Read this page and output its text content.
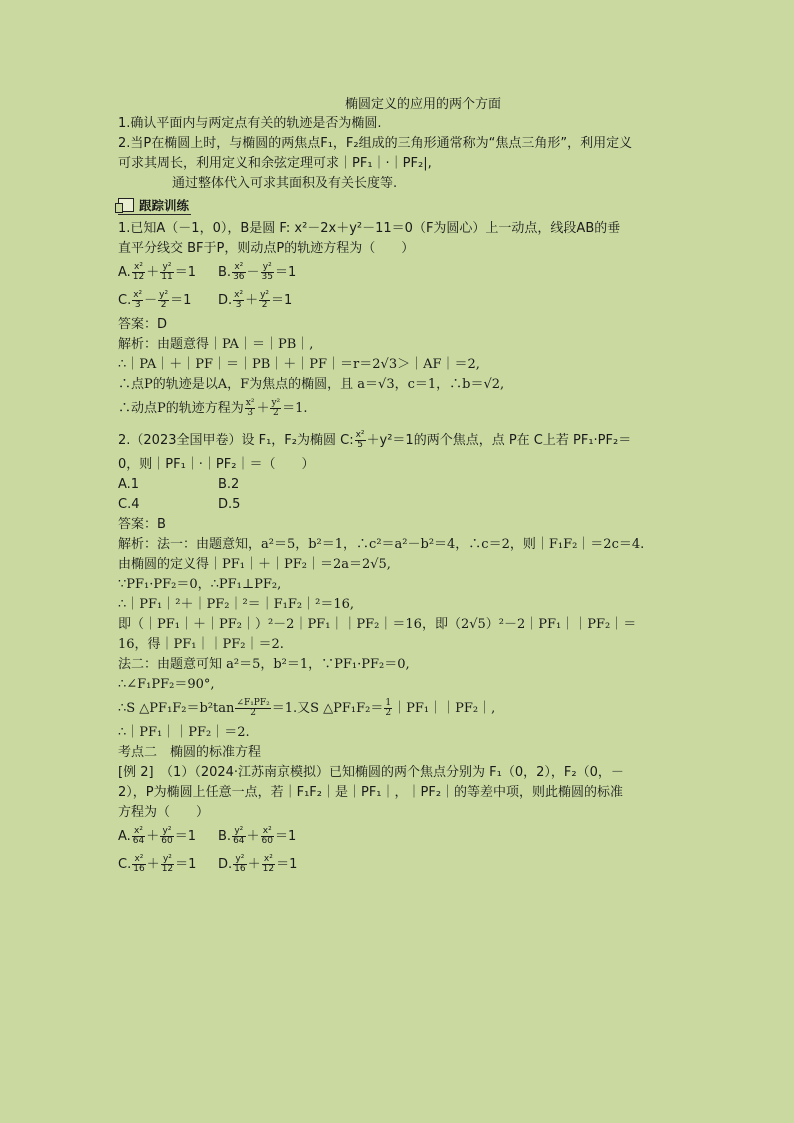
椭圆定义的应用的两个方面
1.确认平面内与两定点有关的轨迹是否为椭圆.
2.当P在椭圆上时，与椭圆的两焦点F₁，F₂组成的三角形通常称为“焦点三角形”，利用定义
可求其周长，利用定义和余弦定理可求｜PF₁｜·｜PF₂|,
通过整体代入可求其面积及有关长度等.
跟踪训练
1.已知A（－1，0），B是圆 F: x²－2x＋y²－11＝0（F为圆心）上一动点，线段AB的垂
直平分线交 BF于P，则动点P的轨迹方程为（　　）
A. $\frac{\text{x²}}{12} + \frac{\text{y²}}{11} =1$	B. $\frac{\text{x²}}{36} - \frac{\text{y²}}{35} =1$
C. $\frac{\text{x²}}{3} - \frac{\text{y²}}{2} =1$	D. $\frac{\text{x²}}{3} + \frac{\text{y²}}{2} =1$
答案：D
解析：由题意得｜PA｜＝｜PB｜,
∴｜PA｜＋｜PF｜＝｜PB｜＋｜PF｜＝r＝2√3＞｜AF｜＝2,
∴点P的轨迹是以A，F为焦点的椭圆，且 a＝√3，c＝1，∴b＝√2,
∴动点P的轨迹方程为 $\frac{\text{x²}}{3} + \frac{\text{y²}}{2} =1$.
2.（2023全国甲卷）设 F₁，F₂为椭圆 C: $\frac{\text{x²}}{5} +y^2=1$的两个焦点，点 P在 C上若 PF₁·PF₂＝
0，则｜PF₁｜·｜PF₂｜＝（　　）
A.1	B.2
C.4	D.5
答案：B
解析：法一：由题意知，a²＝5，b²＝1，∴c²＝a²－b²＝4，∴c＝2，则｜F₁F₂｜＝2c＝4.
由椭圆的定义得｜PF₁｜＋｜PF₂｜＝2a＝2√5,
∵PF₁·PF₂＝0，∴PF₁⊥PF₂,
∴｜PF₁｜²＋｜PF₂｜²＝｜F₁F₂｜²＝16,
即（｜PF₁｜＋｜PF₂｜）²－2｜PF₁｜｜PF₂｜＝16，即（2√5）²－2｜PF₁｜｜PF₂｜＝
16，得｜PF₁｜｜PF₂｜＝2.
法二：由题意可知 a²＝5，b²＝1，∵PF₁·PF₂＝0,
∴∠F₁PF₂＝90°,
∴S △PF₁F₂＝b²tan $\frac{\text{∠F₁PF₂}}{2} =1$.又S △PF₁F₂＝ $\frac{1}{2}$ ｜PF₁｜｜PF₂｜,
∴｜PF₁｜｜PF₂｜＝2.
考点二　椭圆的标准方程
[例 2]　（1）（2024·江苏南京模拟）已知椭圆的两个焦点分别为 F₁（0，2），F₂（0，－
2），P为椭圆上任意一点，若｜F₁F₂｜是｜PF₁｜，｜PF₂｜的等差中项，则此椭圆的标准
方程为（　　）
A. $\frac{\text{x²}}{64} + \frac{\text{y²}}{60} =1$	B. $\frac{\text{y²}}{64} + \frac{\text{x²}}{60} =1$
C. $\frac{\text{x²}}{16} + \frac{\text{y²}}{12} =1$	D. $\frac{\text{y²}}{16} + \frac{\text{x²}}{12} =1$
